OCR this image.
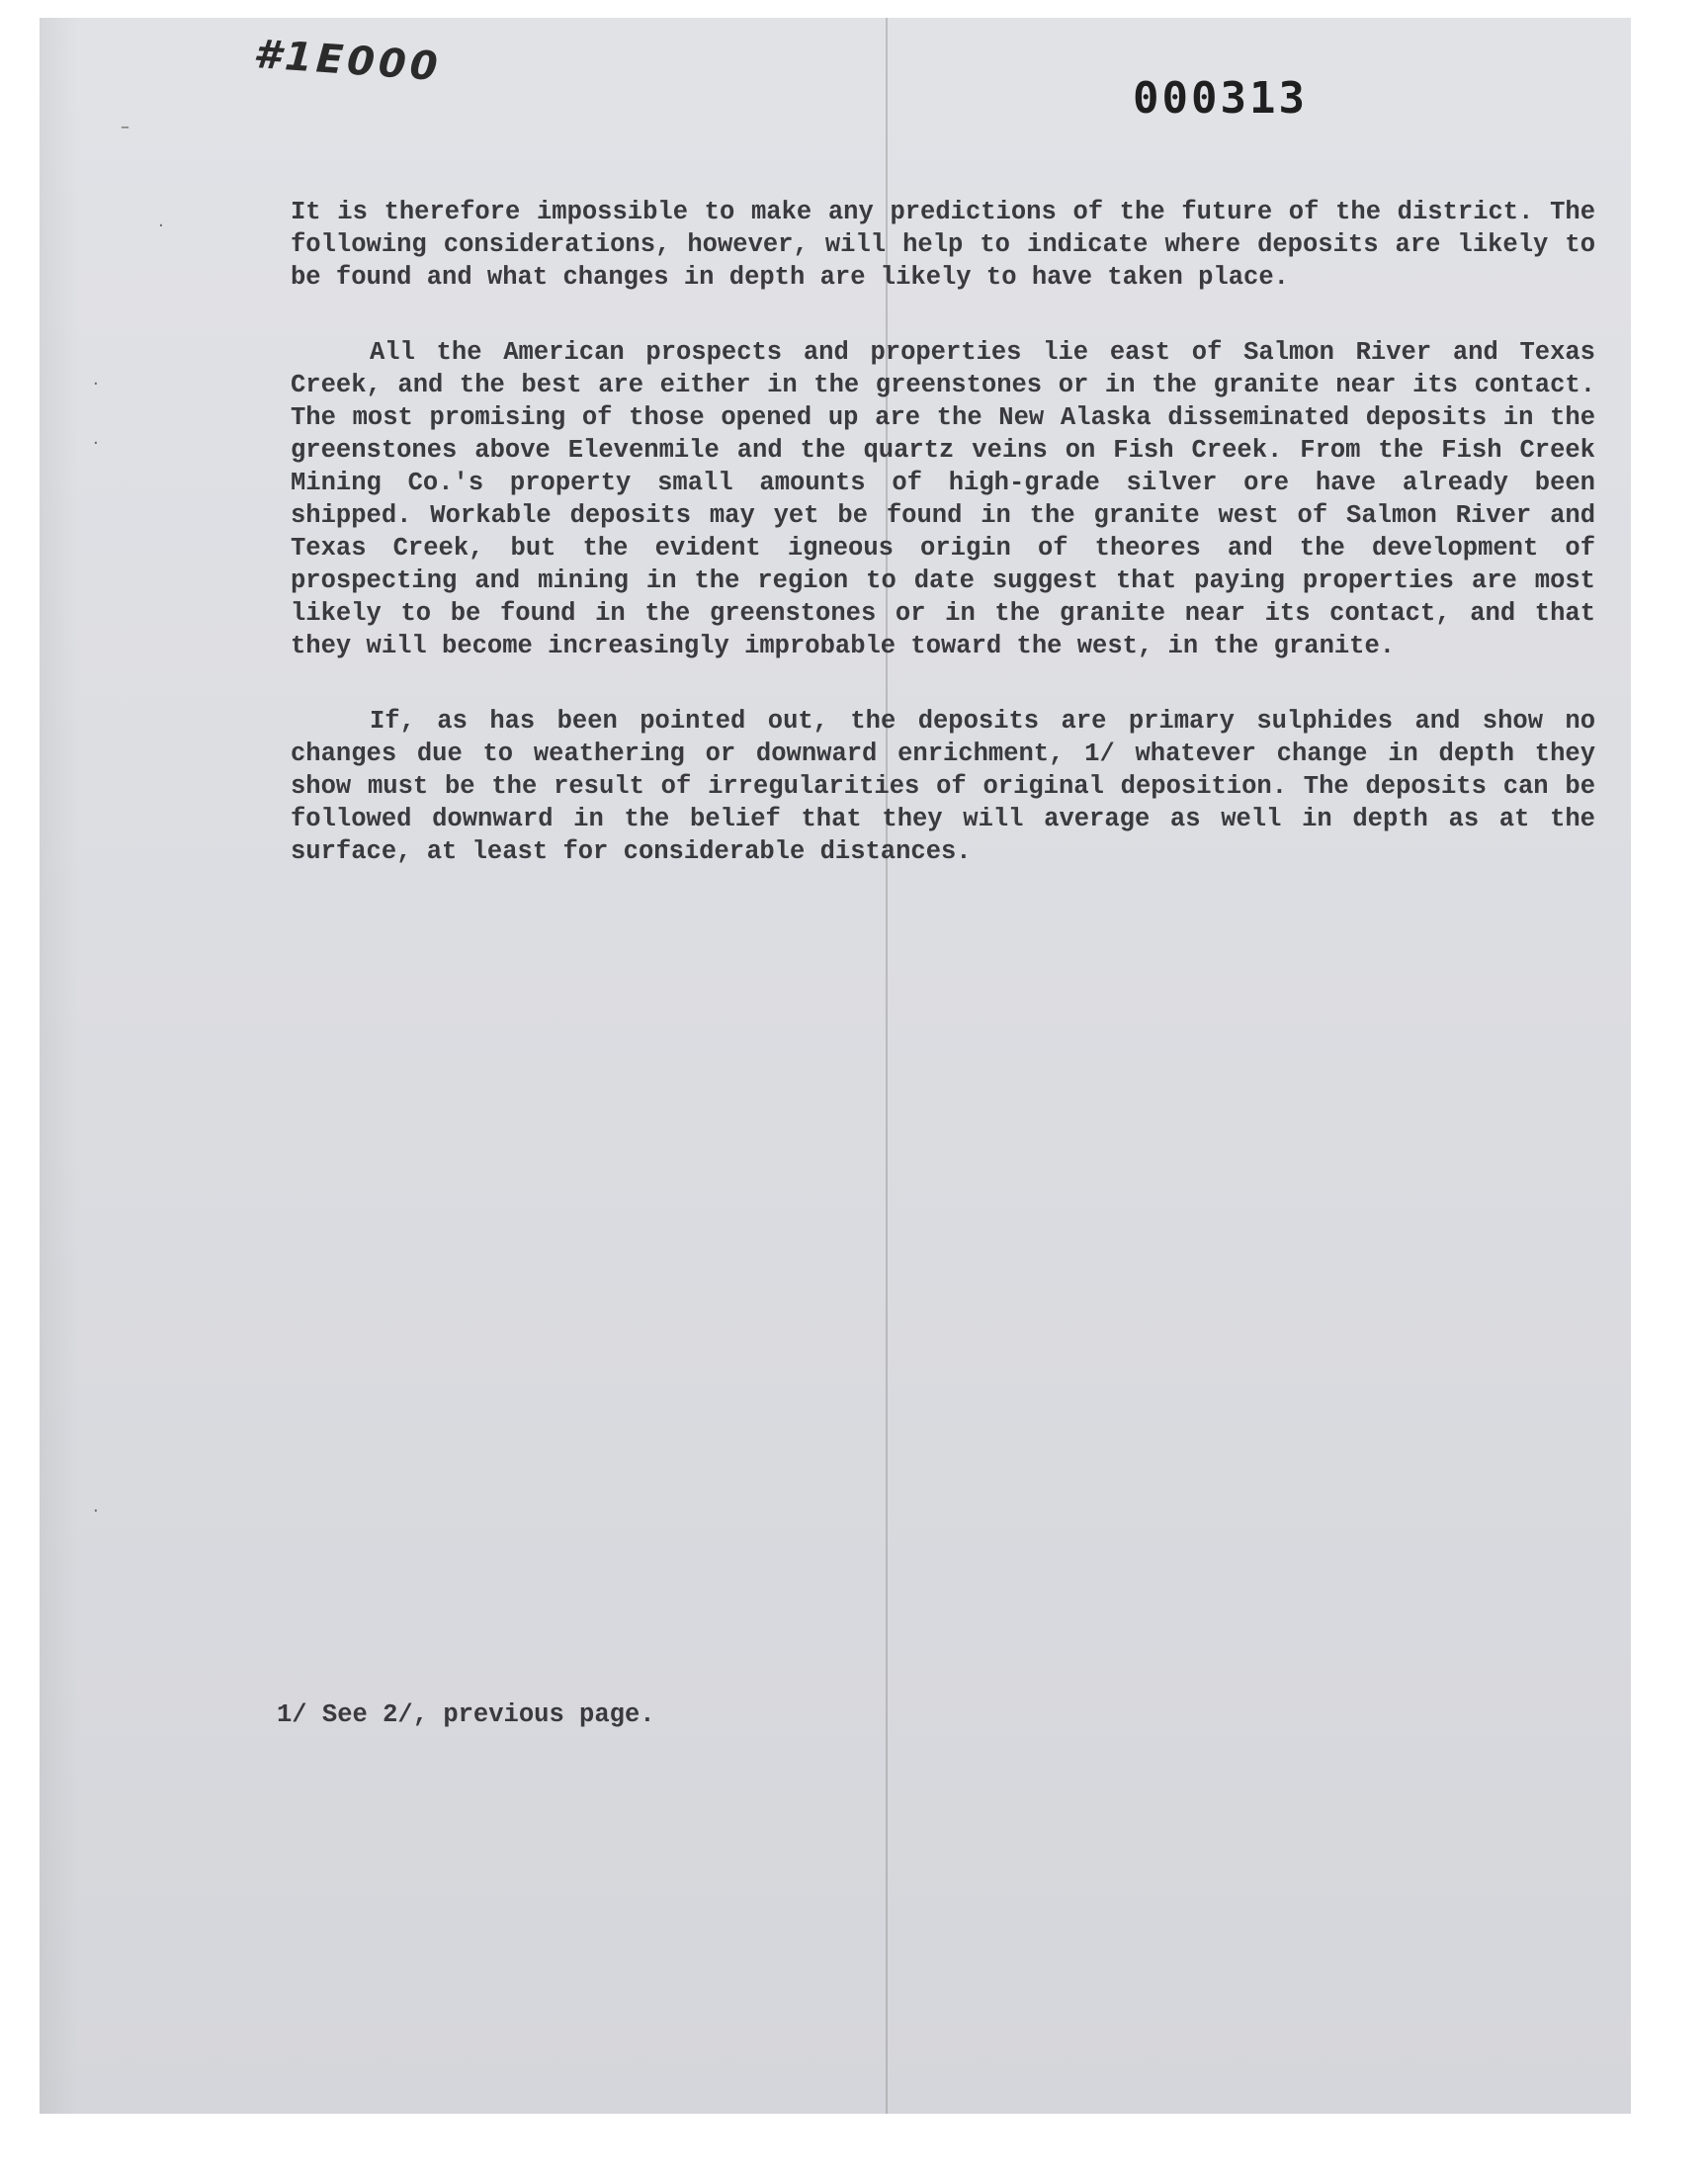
#1E000
000313
–
·
·
·
·

It is therefore impossible to make any predictions of the future of the district. The following considerations, however, will help to indicate where deposits are likely to be found and what changes in depth are likely to have taken place.

All the American prospects and properties lie east of Salmon River and Texas Creek, and the best are either in the greenstones or in the granite near its contact. The most promising of those opened up are the New Alaska disseminated deposits in the greenstones above Elevenmile and the quartz veins on Fish Creek. From the Fish Creek Mining Co.'s property small amounts of high-grade silver ore have already been shipped. Workable deposits may yet be found in the granite west of Salmon River and Texas Creek, but the evident igneous origin of theores and the development of prospecting and mining in the region to date suggest that paying properties are most likely to be found in the greenstones or in the granite near its contact, and that they will become increasingly improbable toward the west, in the granite.

If, as has been pointed out, the deposits are primary sulphides and show no changes due to weathering or downward enrichment, 1/ whatever change in depth they show must be the result of irregularities of original deposition. The deposits can be followed downward in the belief that they will average as well in depth as at the surface, at least for considerable distances.

1/ See 2/, previous page.
